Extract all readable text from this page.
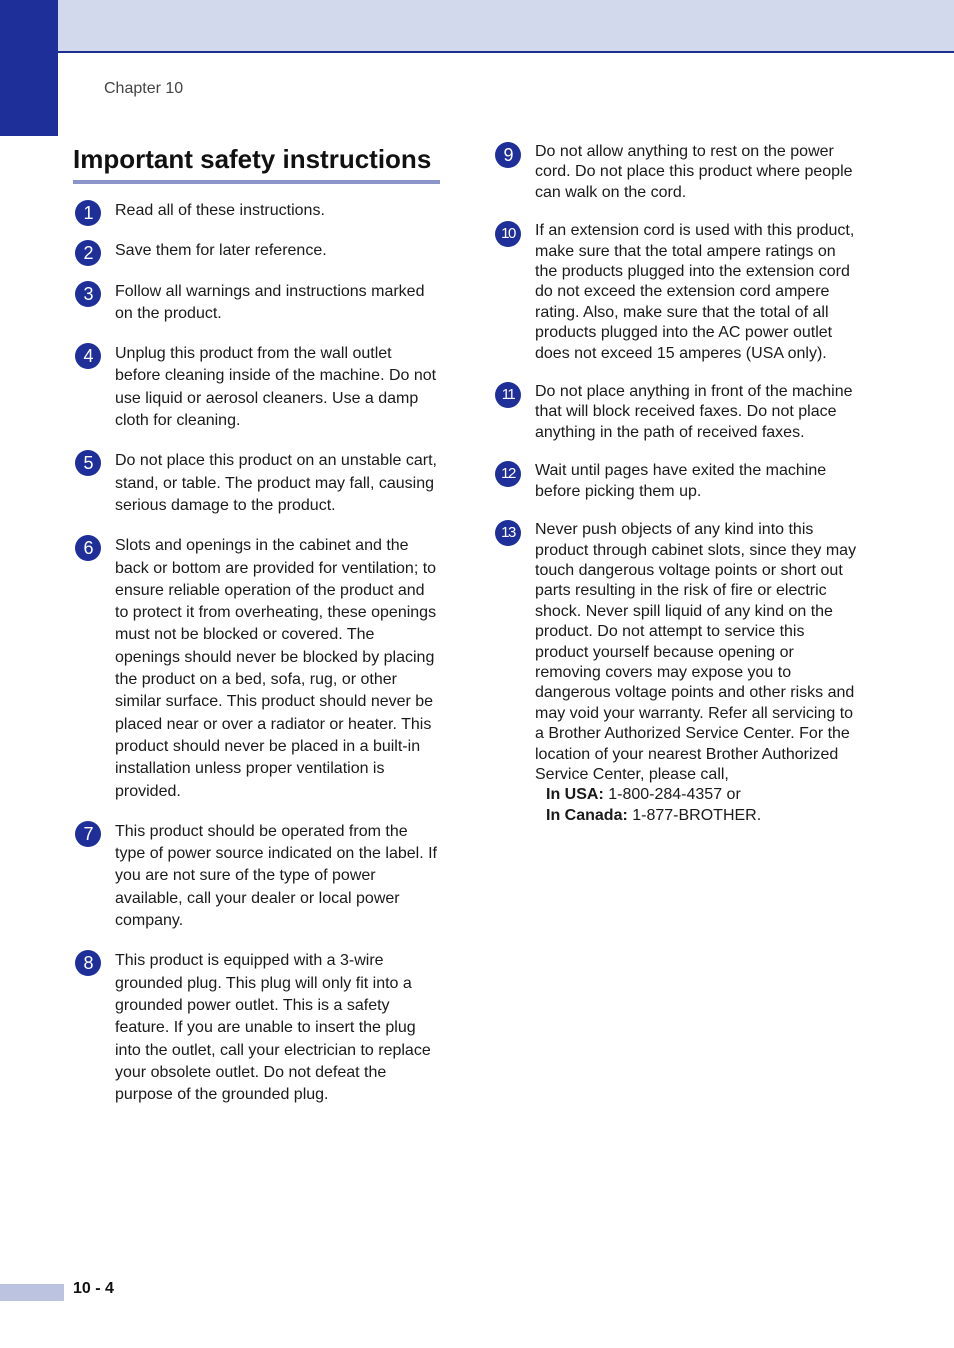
Chapter 10
Important safety instructions
1	Read all of these instructions.
2	Save them for later reference.
3	Follow all warnings and instructions marked on the product.
4	Unplug this product from the wall outlet before cleaning inside of the machine. Do not use liquid or aerosol cleaners. Use a damp cloth for cleaning.
5	Do not place this product on an unstable cart, stand, or table. The product may fall, causing serious damage to the product.
6	Slots and openings in the cabinet and the back or bottom are provided for ventilation; to ensure reliable operation of the product and to protect it from overheating, these openings must not be blocked or covered. The openings should never be blocked by placing the product on a bed, sofa, rug, or other similar surface. This product should never be placed near or over a radiator or heater. This product should never be placed in a built-in installation unless proper ventilation is provided.
7	This product should be operated from the type of power source indicated on the label. If you are not sure of the type of power available, call your dealer or local power company.
8	This product is equipped with a 3-wire grounded plug. This plug will only fit into a grounded power outlet. This is a safety feature. If you are unable to insert the plug into the outlet, call your electrician to replace your obsolete outlet. Do not defeat the purpose of the grounded plug.
9	Do not allow anything to rest on the power cord. Do not place this product where people can walk on the cord.
10	If an extension cord is used with this product, make sure that the total ampere ratings on the products plugged into the extension cord do not exceed the extension cord ampere rating. Also, make sure that the total of all products plugged into the AC power outlet does not exceed 15 amperes (USA only).
11	Do not place anything in front of the machine that will block received faxes. Do not place anything in the path of received faxes.
12	Wait until pages have exited the machine before picking them up.
13	Never push objects of any kind into this product through cabinet slots, since they may touch dangerous voltage points or short out parts resulting in the risk of fire or electric shock. Never spill liquid of any kind on the product. Do not attempt to service this product yourself because opening or removing covers may expose you to dangerous voltage points and other risks and may void your warranty. Refer all servicing to a Brother Authorized Service Center. For the location of your nearest Brother Authorized Service Center, please call,
In USA: 1-800-284-4357 or
In Canada: 1-877-BROTHER.
10 - 4
